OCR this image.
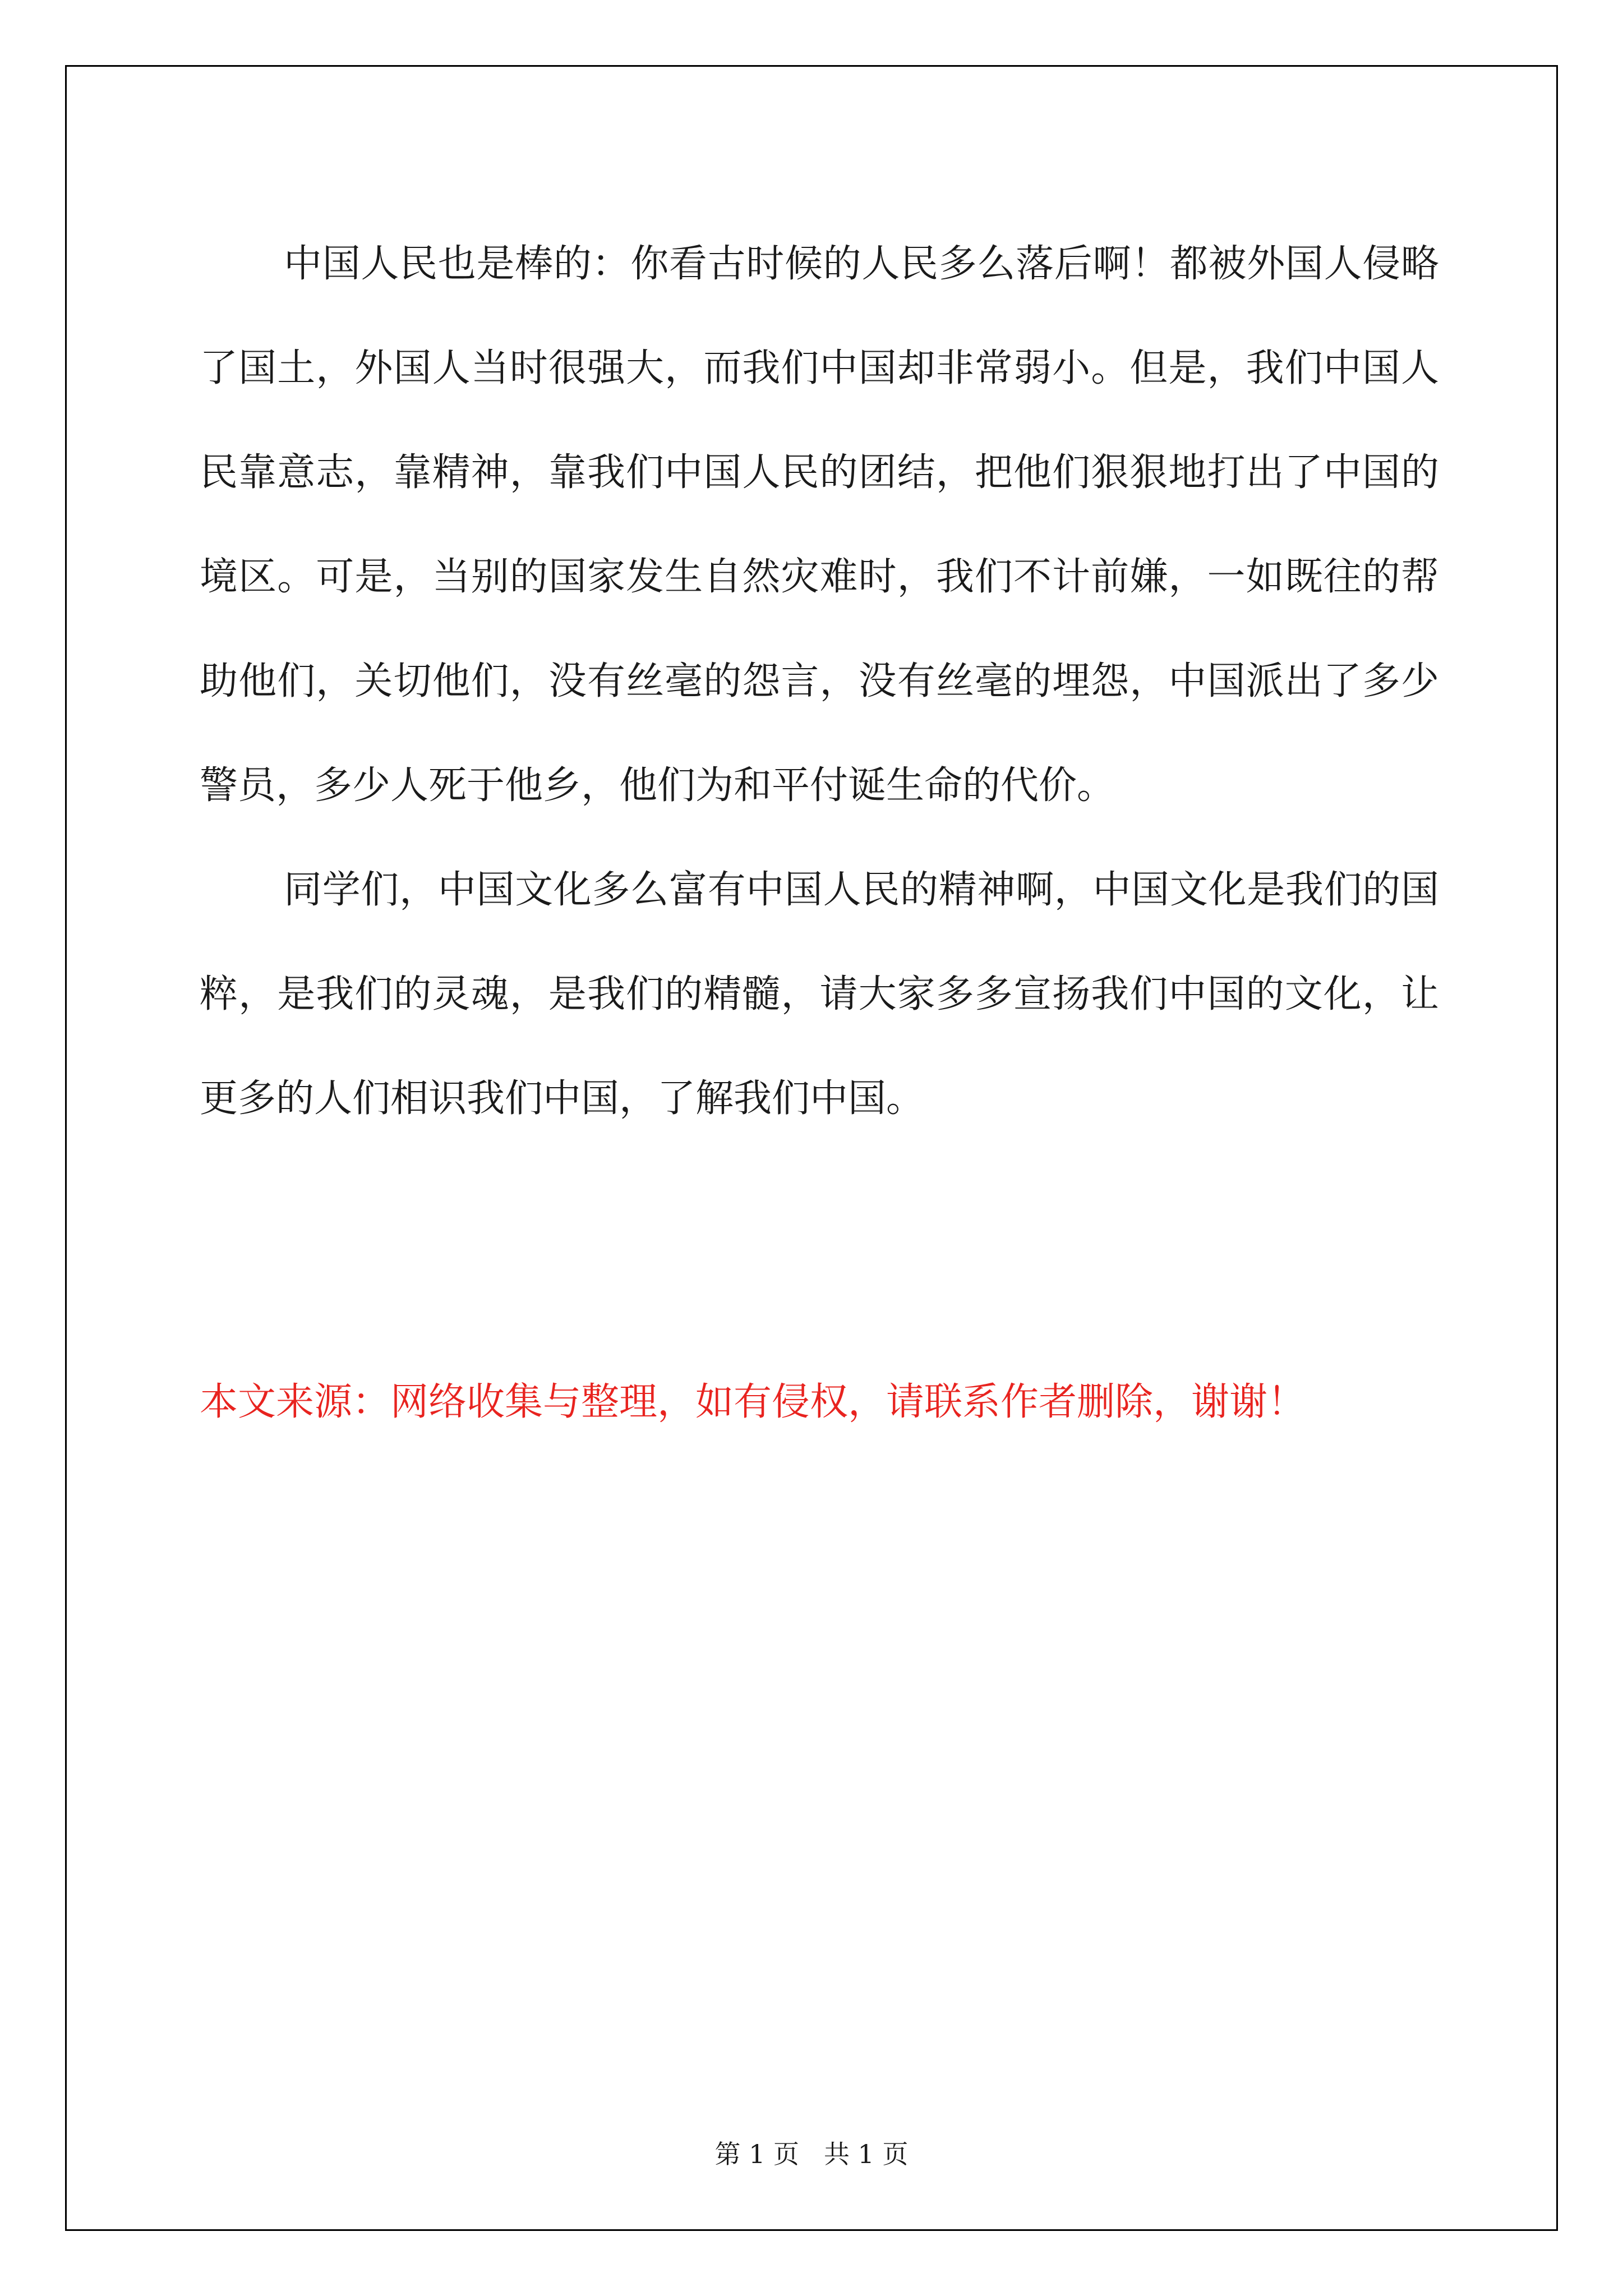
中国人民也是棒的：你看古时候的人民多么落后啊！都被外国人侵略了国土，外国人当时很强大，而我们中国却非常弱小。但是，我们中国人民靠意志，靠精神，靠我们中国人民的团结，把他们狠狠地打出了中国的境区。可是，当别的国家发生自然灾难时，我们不计前嫌，一如既往的帮助他们，关切他们，没有丝毫的怨言，没有丝毫的埋怨，中国派出了多少警员，多少人死于他乡，他们为和平付诞生命的代价。

同学们，中国文化多么富有中国人民的精神啊，中国文化是我们的国粹，是我们的灵魂，是我们的精髓，请大家多多宣扬我们中国的文化，让更多的人们相识我们中国，了解我们中国。

本文来源：网络收集与整理，如有侵权，请联系作者删除，谢谢！

第 1 页 共 1 页
